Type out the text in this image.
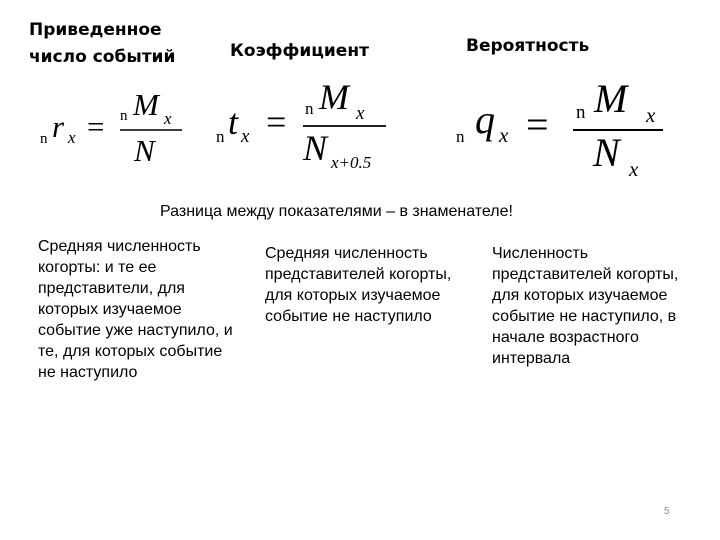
Приведенное
число событий	Коэффициент	Вероятность
n r x = n M x
N	n t x = n M x
N x+0.5
n q x = n M x
N x
Разница между показателями – в знаменателе!
Средняя численность когорты: и те ее представители, для которых изучаемое событие уже наступило, и те, для которых событие не наступило
Средняя численность представителей когорты, для которых изучаемое событие не наступило
Численность представителей когорты, для которых изучаемое событие не наступило, в начале возрастного интервала
5
